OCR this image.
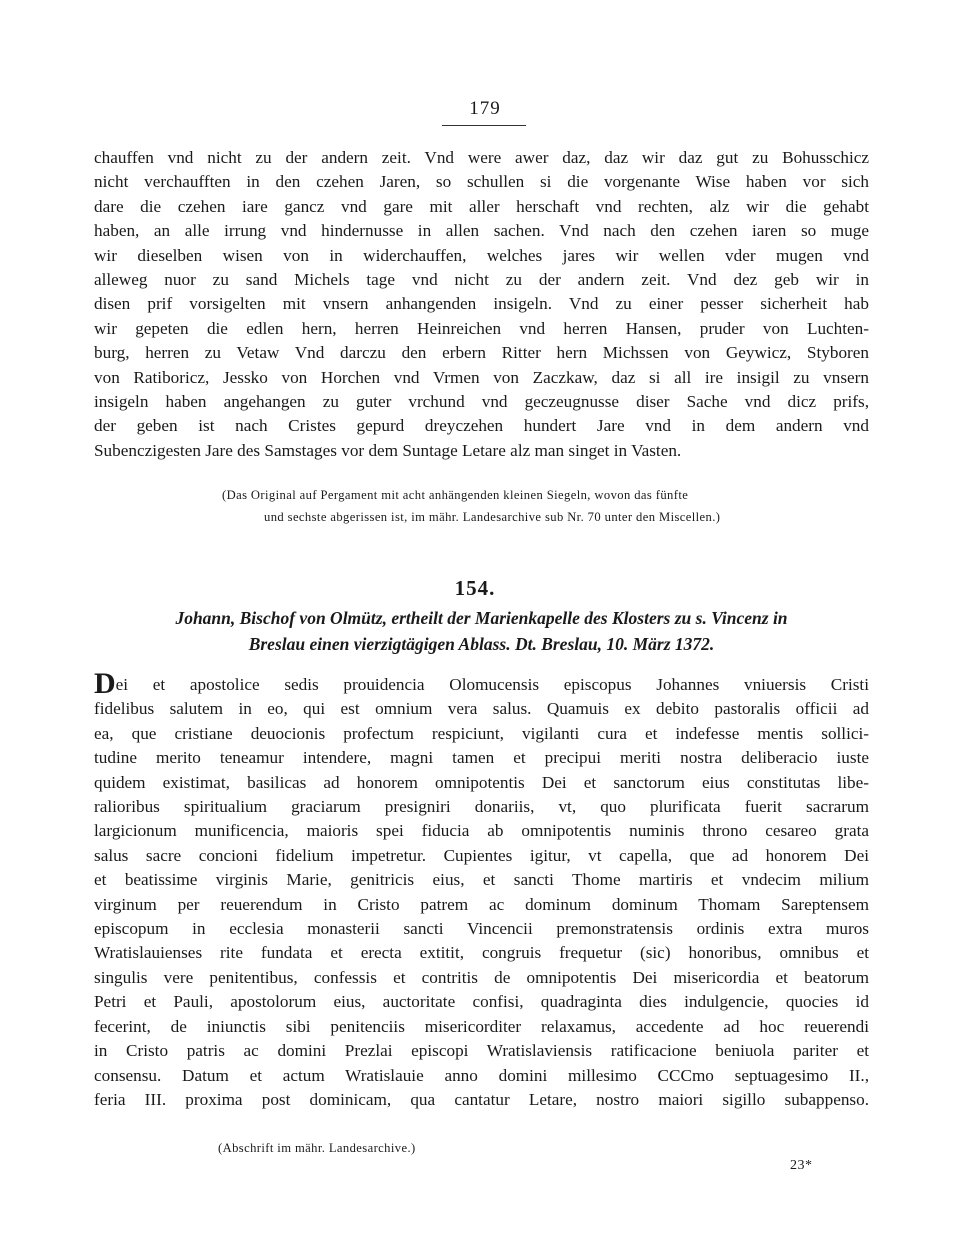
179
chauffen vnd nicht zu der andern zeit. Vnd were awer daz, daz wir daz gut zu Bohusschicz
nicht verchaufften in den czehen Jaren, so schullen si die vorgenante Wise haben vor sich
dare die czehen iare gancz vnd gare mit aller herschaft vnd rechten, alz wir die gehabt
haben, an alle irrung vnd hindernusse in allen sachen. Vnd nach den czehen iaren so muge
wir dieselben wisen von in widerchauffen, welches jares wir wellen vder mugen vnd
alleweg nuor zu sand Michels tage vnd nicht zu der andern zeit. Vnd dez geb wir in
disen prif vorsigelten mit vnsern anhangenden insigeln. Vnd zu einer pesser sicherheit hab
wir gepeten die edlen hern, herren Heinreichen vnd herren Hansen, pruder von Luchten-
burg, herren zu Vetaw Vnd darczu den erbern Ritter hern Michssen von Geywicz, Styboren
von Ratiboricz, Jessko von Horchen vnd Vrmen von Zaczkaw, daz si all ire insigil zu vnsern
insigeln haben angehangen zu guter vrchund vnd geczeugnusse diser Sache vnd dicz prifs,
der geben ist nach Cristes gepurd dreyczehen hundert Jare vnd in dem andern vnd
Subenczigesten Jare des Samstages vor dem Suntage Letare alz man singet in Vasten.
(Das Original auf Pergament mit acht anhängenden kleinen Siegeln, wovon das fünfte
und sechste abgerissen ist, im mähr. Landesarchive sub Nr. 70 unter den Miscellen.)
154.
Johann, Bischof von Olmütz, ertheilt der Marienkapelle des Klosters zu s. Vincenz in
Breslau einen vierzigtägigen Ablass. Dt. Breslau, 10. März 1372.
Dei et apostolice sedis prouidencia Olomucensis episcopus Johannes vniuersis Cristi
fidelibus salutem in eo, qui est omnium vera salus. Quamuis ex debito pastoralis officii ad
ea, que cristiane deuocionis profectum respiciunt, vigilanti cura et indefesse mentis sollici-
tudine merito teneamur intendere, magni tamen et precipui meriti nostra deliberacio iuste
quidem existimat, basilicas ad honorem omnipotentis Dei et sanctorum eius constitutas libe-
ralioribus spiritualium graciarum presigniri donariis, vt, quo plurificata fuerit sacrarum
largicionum munificencia, maioris spei fiducia ab omnipotentis numinis throno cesareo grata
salus sacre concioni fidelium impetretur. Cupientes igitur, vt capella, que ad honorem Dei
et beatissime virginis Marie, genitricis eius, et sancti Thome martiris et vndecim milium
virginum per reuerendum in Cristo patrem ac dominum dominum Thomam Sareptensem
episcopum in ecclesia monasterii sancti Vincencii premonstratensis ordinis extra muros
Wratislauienses rite fundata et erecta extitit, congruis frequetur (sic) honoribus, omnibus et
singulis vere penitentibus, confessis et contritis de omnipotentis Dei misericordia et beatorum
Petri et Pauli, apostolorum eius, auctoritate confisi, quadraginta dies indulgencie, quocies id
fecerint, de iniunctis sibi penitenciis misericorditer relaxamus, accedente ad hoc reuerendi
in Cristo patris ac domini Prezlai episcopi Wratislaviensis ratificacione beniuola pariter et
consensu. Datum et actum Wratislauie anno domini millesimo CCCmo septuagesimo II.,
feria III. proxima post dominicam, qua cantatur Letare, nostro maiori sigillo subappenso.
(Abschrift im mähr. Landesarchive.)
23*
